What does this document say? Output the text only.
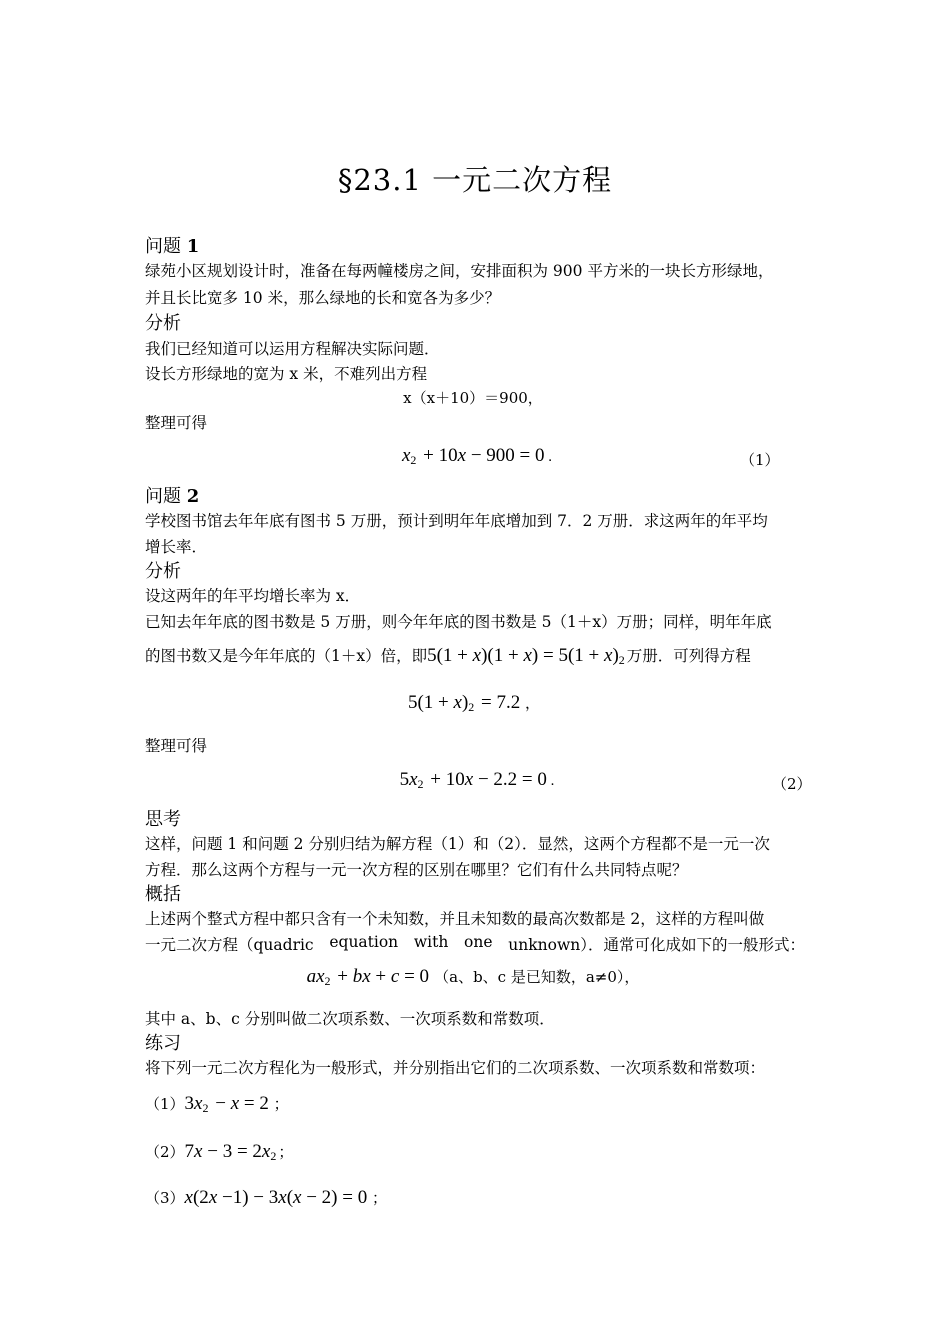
§23.1 一元二次方程
问题 1
绿苑小区规划设计时，准备在每两幢楼房之间，安排面积为 900 平方米的一块长方形绿地，
并且长比宽多 10 米，那么绿地的长和宽各为多少？
分析
我们已经知道可以运用方程解决实际问题．
设长方形绿地的宽为 x 米，不难列出方程
x（x＋10）＝900，
整理可得
$x^2 + 10x - 900 = 0$ .	（1）
问题 2
学校图书馆去年年底有图书 5 万册，预计到明年年底增加到 7．2 万册．求这两年的年平均
增长率．
分析
设这两年的年平均增长率为 x．
已知去年年底的图书数是 5 万册，则今年年底的图书数是 5（1＋x）万册；同样，明年年底
的图书数又是今年年底的（1＋x）倍，即$5(1 + x)(1 + x) = 5(1 + x)^2$ 万册．可列得方程
$5(1 + x)^2 = 7.2$ ，
整理可得
$5x^2 + 10x - 2.2 = 0$ .	（2）
思考
这样，问题 1 和问题 2 分别归结为解方程（1）和（2）．显然，这两个方程都不是一元一次
方程．那么这两个方程与一元一次方程的区别在哪里？它们有什么共同特点呢？
概括
上述两个整式方程中都只含有一个未知数，并且未知数的最高次数都是 2，这样的方程叫做
一元二次方程（quadric equation with one unknown）．通常可化成如下的一般形式：
$ax^2$ + bx + c = 0 （a、b、c 是已知数，a≠0），
其中 a、b、c 分别叫做二次项系数、一次项系数和常数项．
练习
将下列一元二次方程化为一般形式，并分别指出它们的二次项系数、一次项系数和常数项：
$(1)3x^2 - x = 2$ ；
$(2)7x - 3 = 2x^2$ ；
（3）x(2x −1) − 3x(x − 2) = 0 ；
